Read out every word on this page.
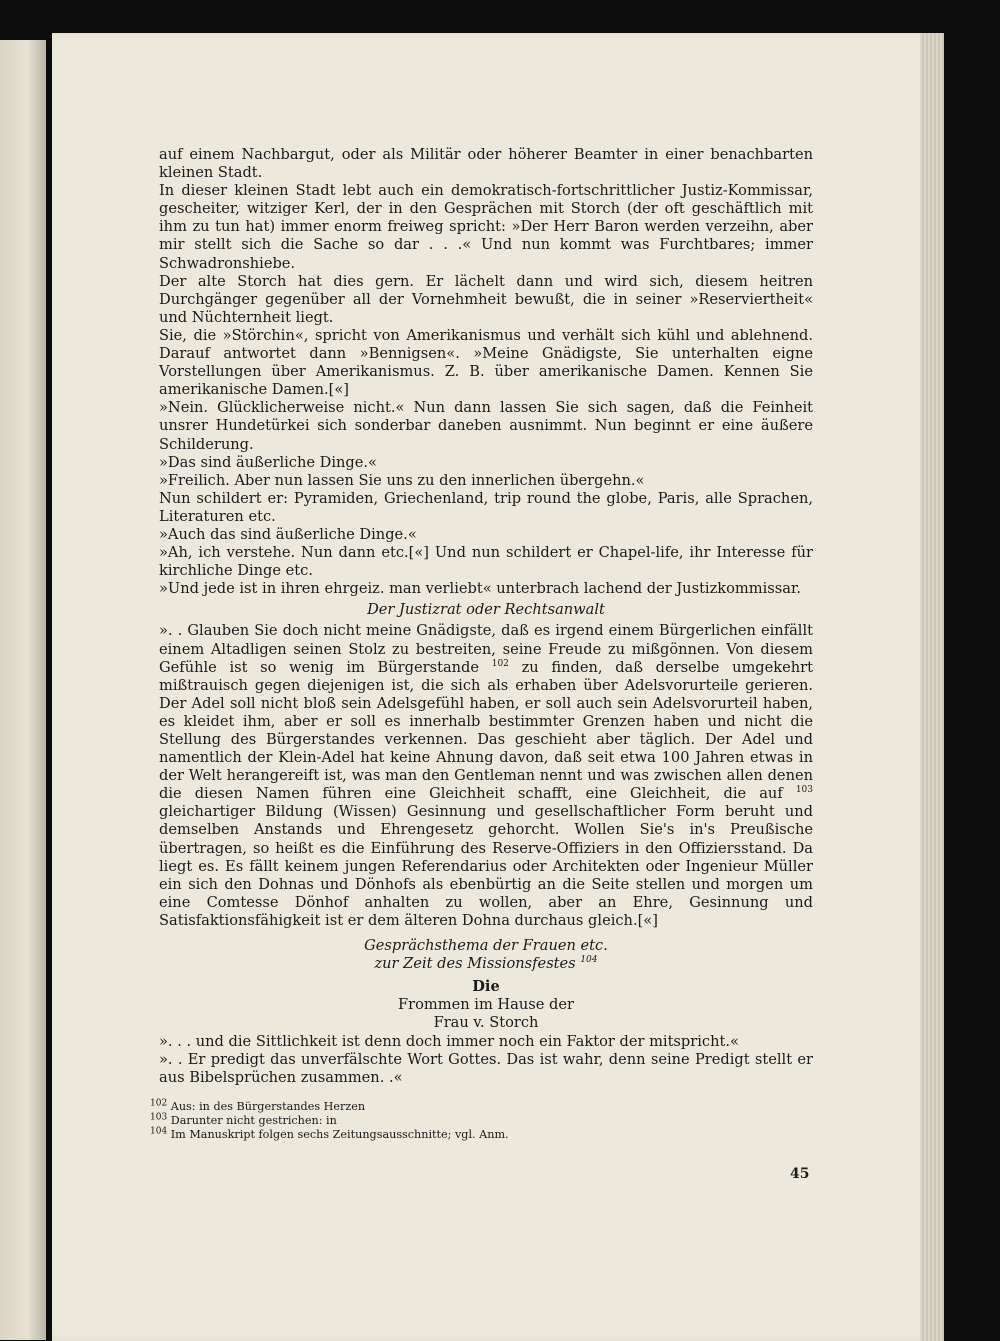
auf einem Nachbargut, oder als Militär oder höherer Beamter in einer benachbarten kleinen Stadt.

In dieser kleinen Stadt lebt auch ein demokratisch-fortschrittlicher Justiz-Kommissar, gescheiter, witziger Kerl, der in den Gesprächen mit Storch (der oft geschäftlich mit ihm zu tun hat) immer enorm freiweg spricht: »Der Herr Baron werden verzeihn, aber mir stellt sich die Sache so dar . . .« Und nun kommt was Furchtbares; immer Schwadronshiebe.

Der alte Storch hat dies gern. Er lächelt dann und wird sich, diesem heitren Durchgänger gegenüber all der Vornehmheit bewußt, die in seiner »Reserviertheit« und Nüchternheit liegt.

Sie, die »Störchin«, spricht von Amerikanismus und verhält sich kühl und ablehnend. Darauf antwortet dann »Bennigsen«. »Meine Gnädigste, Sie unterhalten eigne Vorstellungen über Amerikanismus. Z. B. über amerikanische Damen. Kennen Sie amerikanische Damen.[«]

»Nein. Glücklicherweise nicht.« Nun dann lassen Sie sich sagen, daß die Feinheit unsrer Hundetürkei sich sonderbar daneben ausnimmt. Nun beginnt er eine äußere Schilderung.

»Das sind äußerliche Dinge.«

»Freilich. Aber nun lassen Sie uns zu den innerlichen übergehn.«

Nun schildert er: Pyramiden, Griechenland, trip round the globe, Paris, alle Sprachen, Literaturen etc.

»Auch das sind äußerliche Dinge.«

»Ah, ich verstehe. Nun dann etc.[«] Und nun schildert er Chapel-life, ihr Interesse für kirchliche Dinge etc.

»Und jede ist in ihren ehrgeiz. man verliebt« unterbrach lachend der Justizkommissar.

Der Justizrat oder Rechtsanwalt

». . Glauben Sie doch nicht meine Gnädigste, daß es irgend einem Bürgerlichen einfällt einem Altadligen seinen Stolz zu bestreiten, seine Freude zu mißgönnen. Von diesem Gefühle ist so wenig im Bürgerstande $^{102}$ zu finden, daß derselbe umgekehrt mißtrauisch gegen diejenigen ist, die sich als erhaben über Adelsvorurteile gerieren. Der Adel soll nicht bloß sein Adelsgefühl haben, er soll auch sein Adelsvorurteil haben, es kleidet ihm, aber er soll es innerhalb bestimmter Grenzen haben und nicht die Stellung des Bürgerstandes verkennen. Das geschieht aber täglich. Der Adel und namentlich der Klein-Adel hat keine Ahnung davon, daß seit etwa 100 Jahren etwas in der Welt herangereift ist, was man den Gentleman nennt und was zwischen allen denen die diesen Namen führen eine Gleichheit schafft, eine Gleichheit, die auf $^{103}$ gleichartiger Bildung (Wissen) Gesinnung und gesellschaftlicher Form beruht und demselben Anstands und Ehrengesetz gehorcht. Wollen Sie's in's Preußische übertragen, so heißt es die Einführung des Reserve-Offiziers in den Offiziersstand. Da liegt es. Es fällt keinem jungen Referendarius oder Architekten oder Ingenieur Müller ein sich den Dohnas und Dönhofs als ebenbürtig an die Seite stellen und morgen um eine Comtesse Dönhof anhalten zu wollen, aber an Ehre, Gesinnung und Satisfaktionsfähigkeit ist er dem älteren Dohna durchaus gleich.[«]

Gesprächsthema der Frauen etc.

zur Zeit des Missionsfestes $^{104}$

Die

Frommen im Hause der

Frau v. Storch

». . . und die Sittlichkeit ist denn doch immer noch ein Faktor der mitspricht.«

». . Er predigt das unverfälschte Wort Gottes. Das ist wahr, denn seine Predigt stellt er aus Bibelsprüchen zusammen. .«

$^{102}$ Aus: in des Bürgerstandes Herzen

$^{103}$ Darunter nicht gestrichen: in

$^{104}$ Im Manuskript folgen sechs Zeitungsausschnitte; vgl. Anm.

45
